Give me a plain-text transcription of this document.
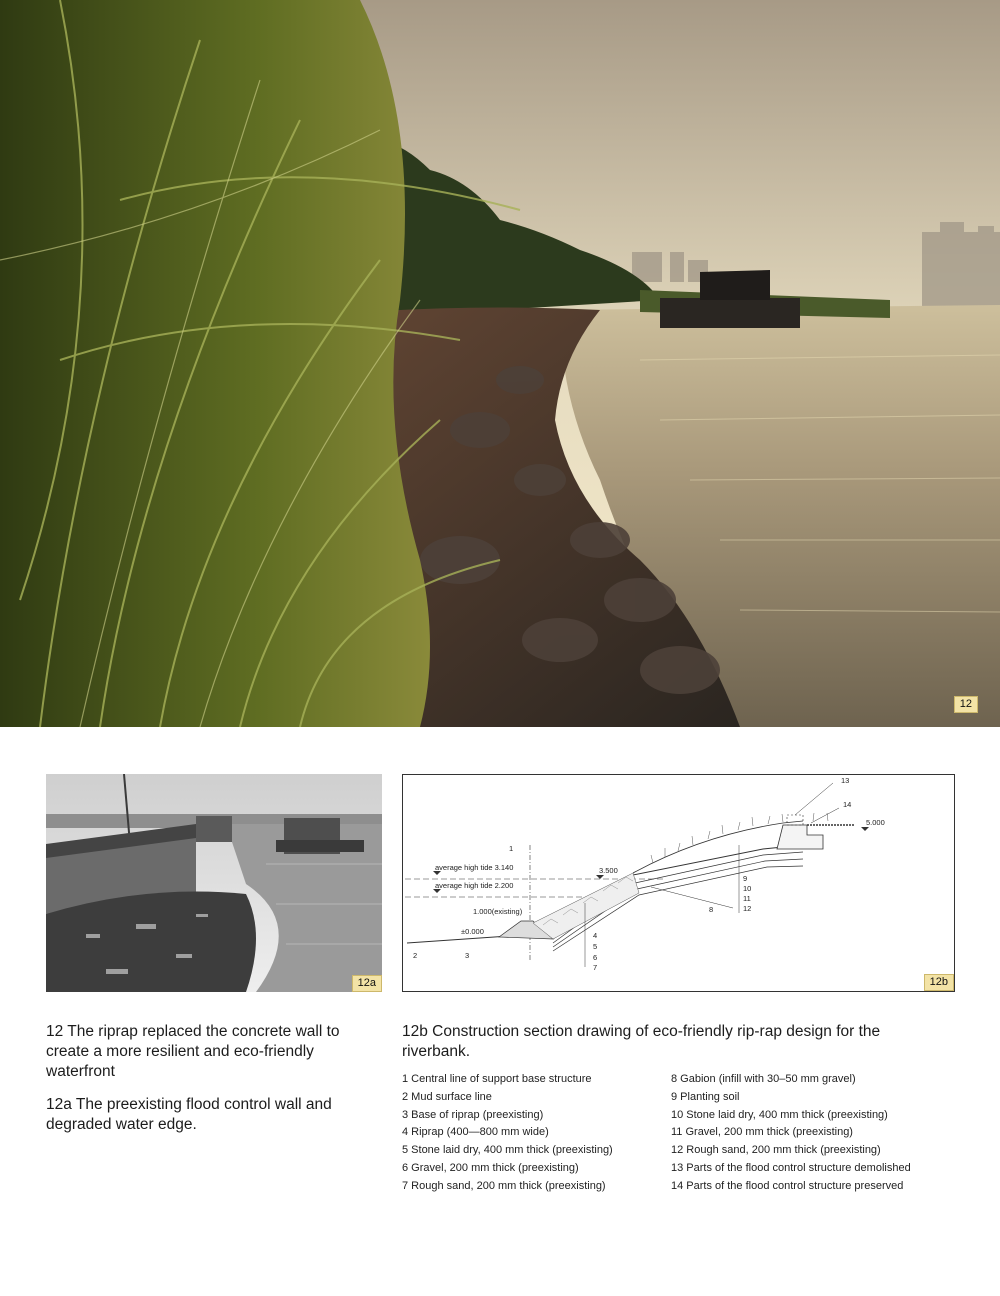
12
12a
1
2	3
4
5
6
7
8
9
10
11
12
13
14
average high tide 3.140
average high tide 2.200
1.000(existing)
±0.000
3.500
5.000
12b

12 The riprap replaced the concrete wall to create a more resilient and eco-friendly waterfront

12a The preexisting flood control wall and degraded water edge.

12b Construction section drawing of eco-friendly rip-rap design for the riverbank.

1 Central line of support base structure
2 Mud surface line
3 Base of riprap (preexisting)
4 Riprap (400—800 mm wide)
5 Stone laid dry, 400 mm thick (preexisting)
6 Gravel, 200 mm thick (preexisting)
7 Rough sand, 200 mm thick (preexisting)
8 Gabion (infill with 30–50 mm gravel)
9 Planting soil
10 Stone laid dry, 400 mm thick (preexisting)
11 Gravel, 200 mm thick (preexisting)
12 Rough sand, 200 mm thick (preexisting)
13 Parts of the flood control structure demolished
14 Parts of the flood control structure preserved
